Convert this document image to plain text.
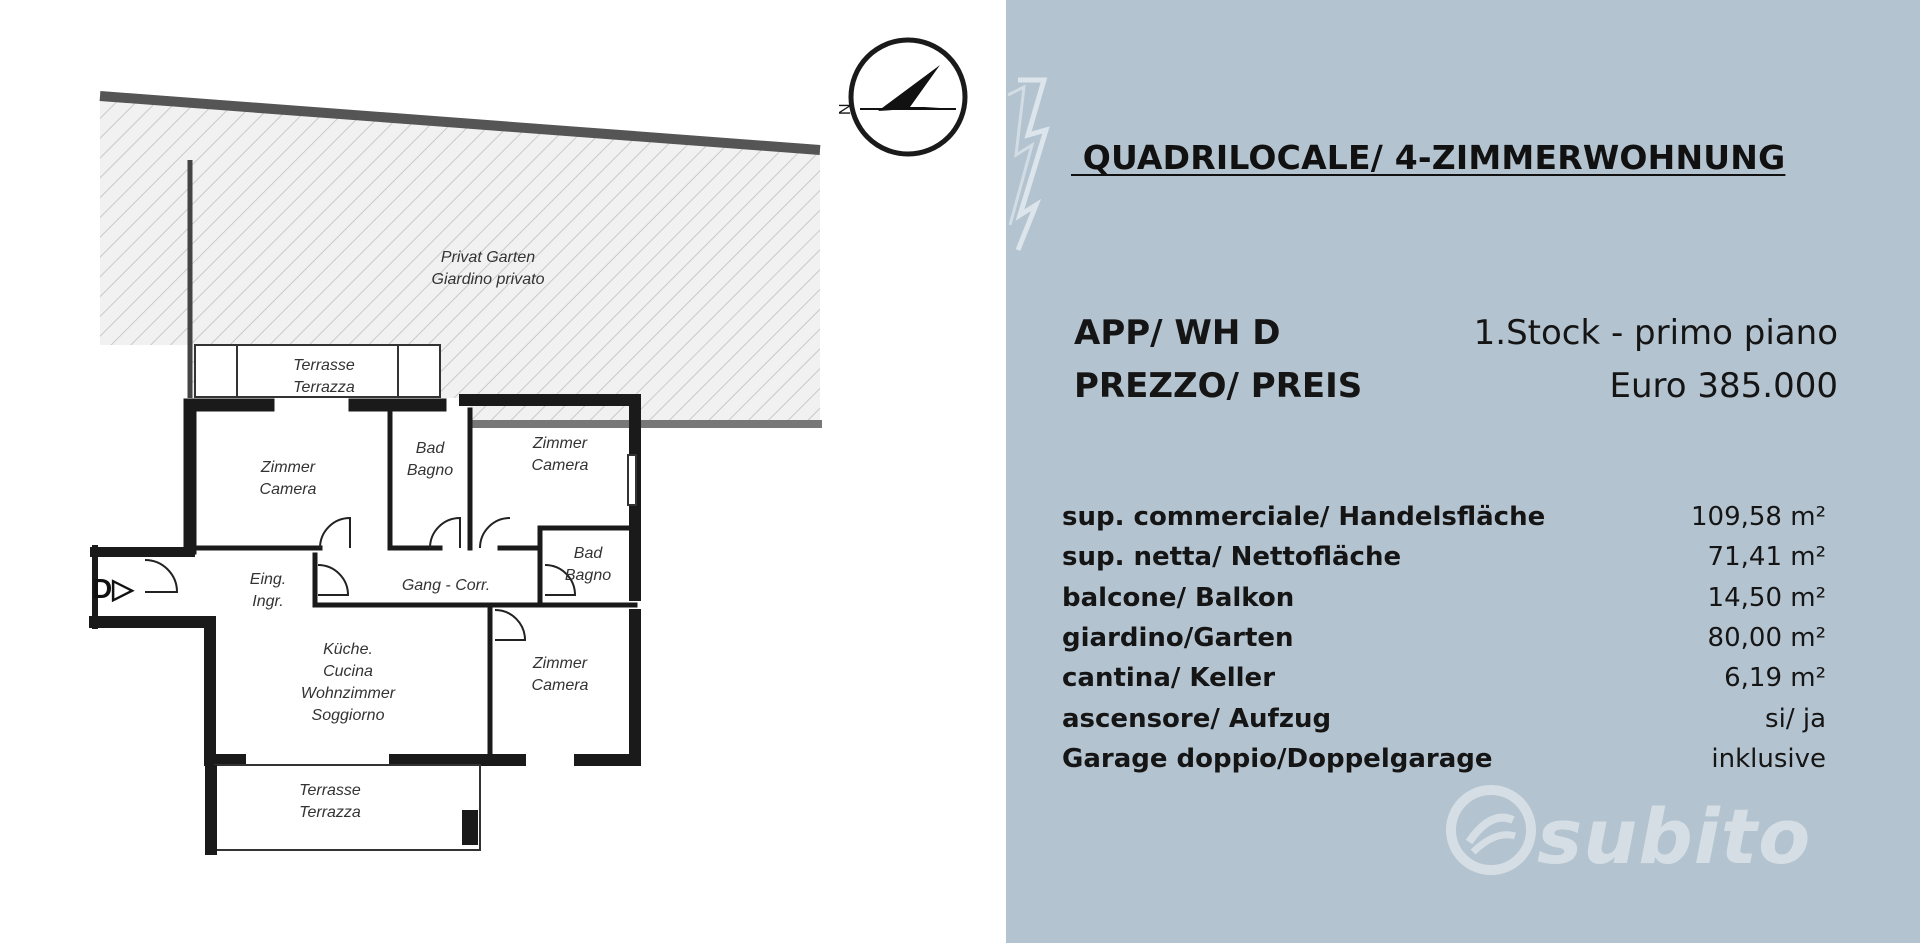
Privat Garten
Giardino privato
Terrasse
Terrazza
Zimmer
Camera
Bad
Bagno
Zimmer
Camera
Bad
Bagno
Eing.
Ingr.
Gang - Corr.
Küche.
Cucina
Wohnzimmer
Soggiorno
Zimmer
Camera
Terrasse
Terrazza
D▷
N
QUADRILOCALE/ 4-ZIMMERWOHNUNG
APP/ WH D	1.Stock - primo piano
PREZZO/ PREIS	Euro 385.000
sup. commerciale/ Handelsfläche	109,58 m²
sup. netta/ Nettofläche	71,41 m²
balcone/ Balkon	14,50 m²
giardino/Garten	80,00 m²
cantina/ Keller	6,19 m²
ascensore/ Aufzug	si/ ja
Garage doppio/Doppelgarage	inklusive
subito
